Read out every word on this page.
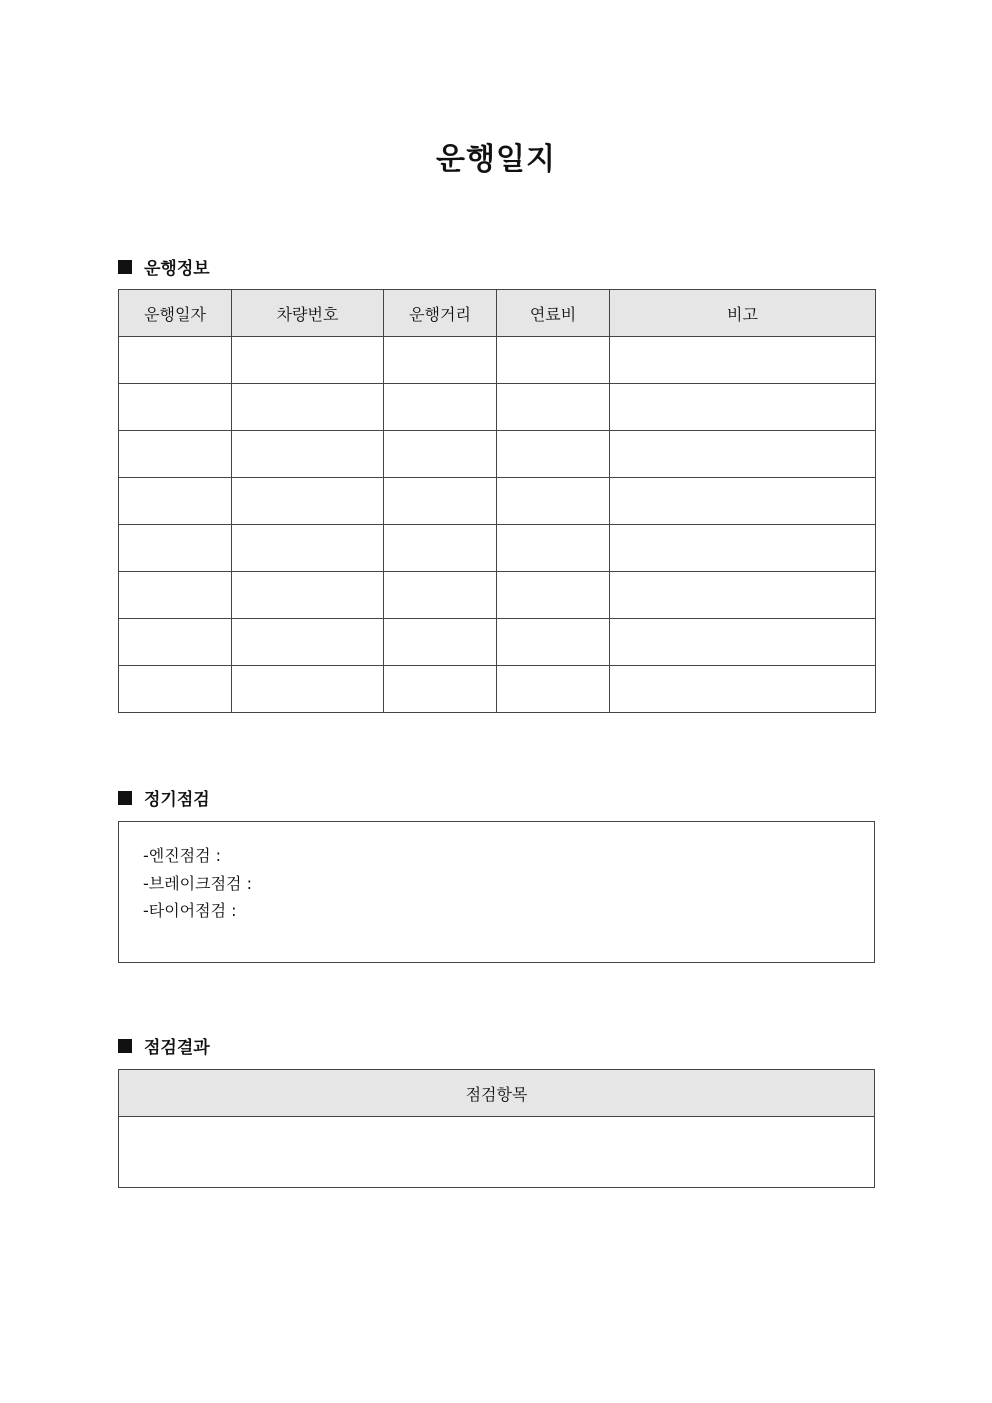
운행일지
운행정보
운행일자	차량번호	운행거리	연료비	비고

정기점검
-엔진점검 :
-브레이크점검 :
-타이어점검 :
점검결과
점검항목
